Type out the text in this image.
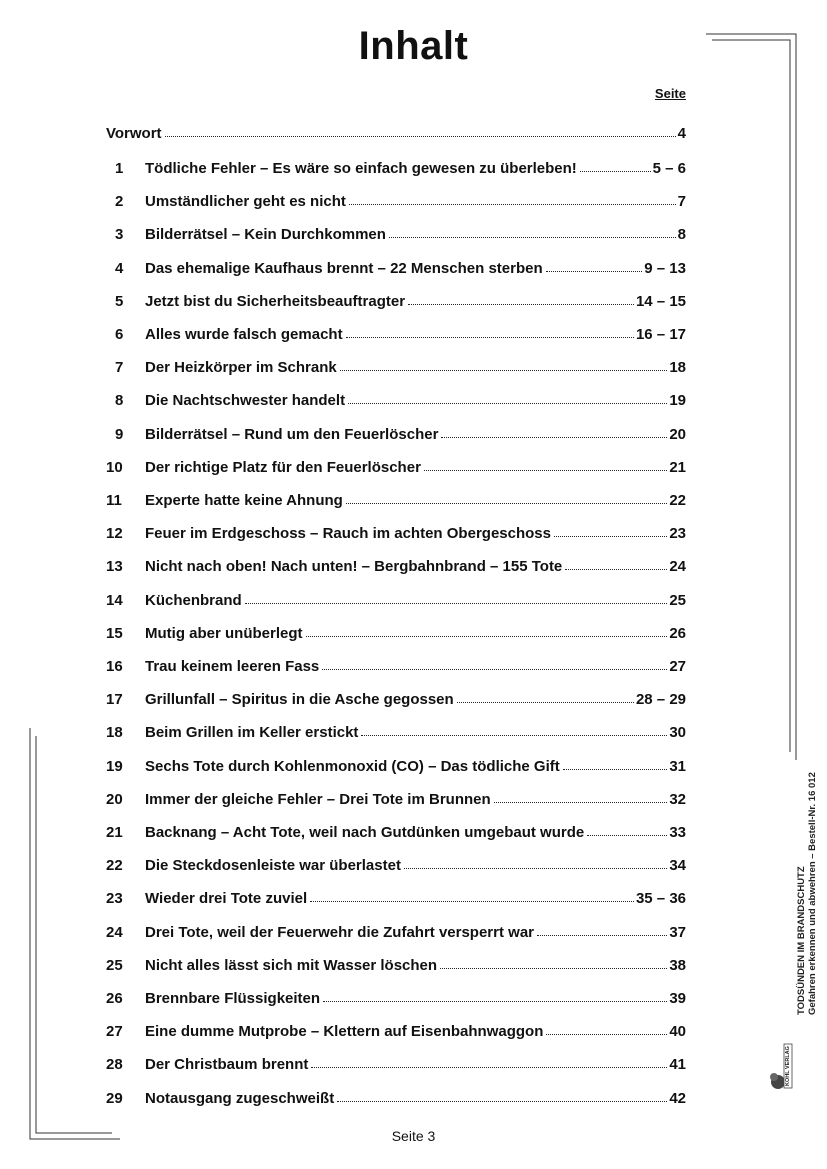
Inhalt
Seite
Vorwort	4
1	Tödliche Fehler – Es wäre so einfach gewesen zu überleben!	5 – 6
2	Umständlicher geht es nicht	7
3	Bilderrätsel – Kein Durchkommen	8
4	Das ehemalige Kaufhaus brennt – 22 Menschen sterben	9 – 13
5	Jetzt bist du Sicherheitsbeauftragter	14 – 15
6	Alles wurde falsch gemacht	16 – 17
7	Der Heizkörper im Schrank	18
8	Die Nachtschwester handelt	19
9	Bilderrätsel – Rund um den Feuerlöscher	20
10	Der richtige Platz für den Feuerlöscher	21
11	Experte hatte keine Ahnung	22
12	Feuer im Erdgeschoss – Rauch im achten Obergeschoss	23
13	Nicht nach oben! Nach unten! – Bergbahnbrand – 155 Tote	24
14	Küchenbrand	25
15	Mutig aber unüberlegt	26
16	Trau keinem leeren Fass	27
17	Grillunfall – Spiritus in die Asche gegossen	28 – 29
18	Beim Grillen im Keller erstickt	30
19	Sechs Tote durch Kohlenmonoxid (CO) – Das tödliche Gift	31
20	Immer der gleiche Fehler – Drei Tote im Brunnen	32
21	Backnang – Acht Tote, weil nach Gutdünken umgebaut wurde	33
22	Die Steckdosenleiste war überlastet	34
23	Wieder drei Tote zuviel	35 – 36
24	Drei Tote, weil der Feuerwehr die Zufahrt versperrt war	37
25	Nicht alles lässt sich mit Wasser löschen	38
26	Brennbare Flüssigkeiten	39
27	Eine dumme Mutprobe – Klettern auf Eisenbahnwaggon	40
28	Der Christbaum brennt	41
29	Notausgang zugeschweißt	42
Seite 3
TODSÜNDEN IM BRANDSCHUTZ Gefahren erkennen und abwehren – Bestell-Nr. 16 012
KOHL VERLAG
